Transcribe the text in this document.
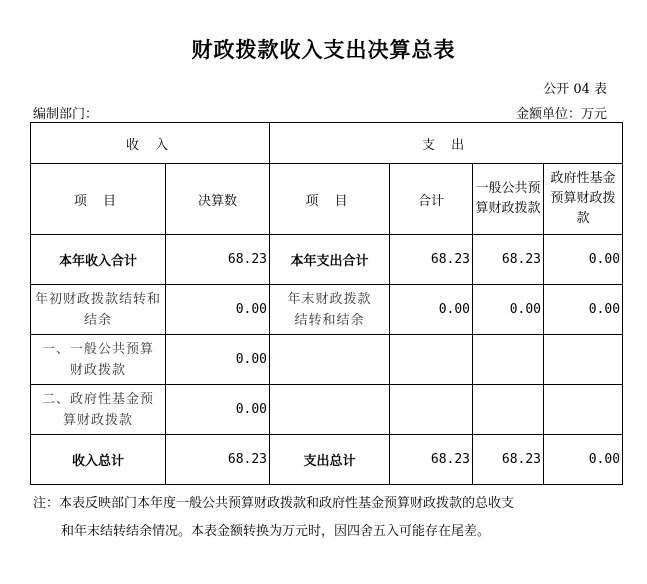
财政拨款收入支出决算总表
公开 04 表
编制部门：	金额单位：万元
收 入		支 出			
项 目	决算数	项 目	合计	一般公共预算财政拨款	政府性基金预算财政拨款
本年收入合计	68.23	本年支出合计	68.23	68.23	0.00
年初财政拨款结转和结余	0.00	年末财政拨款结转和结余	0.00	0.00	0.00
一、一般公共预算财政拨款	0.00				
二、政府性基金预算财政拨款	0.00				
收入总计	68.23	支出总计	68.23	68.23	0.00
注：本表反映部门本年度一般公共预算财政拨款和政府性基金预算财政拨款的总收支
和年末结转结余情况。本表金额转换为万元时，因四舍五入可能存在尾差。
